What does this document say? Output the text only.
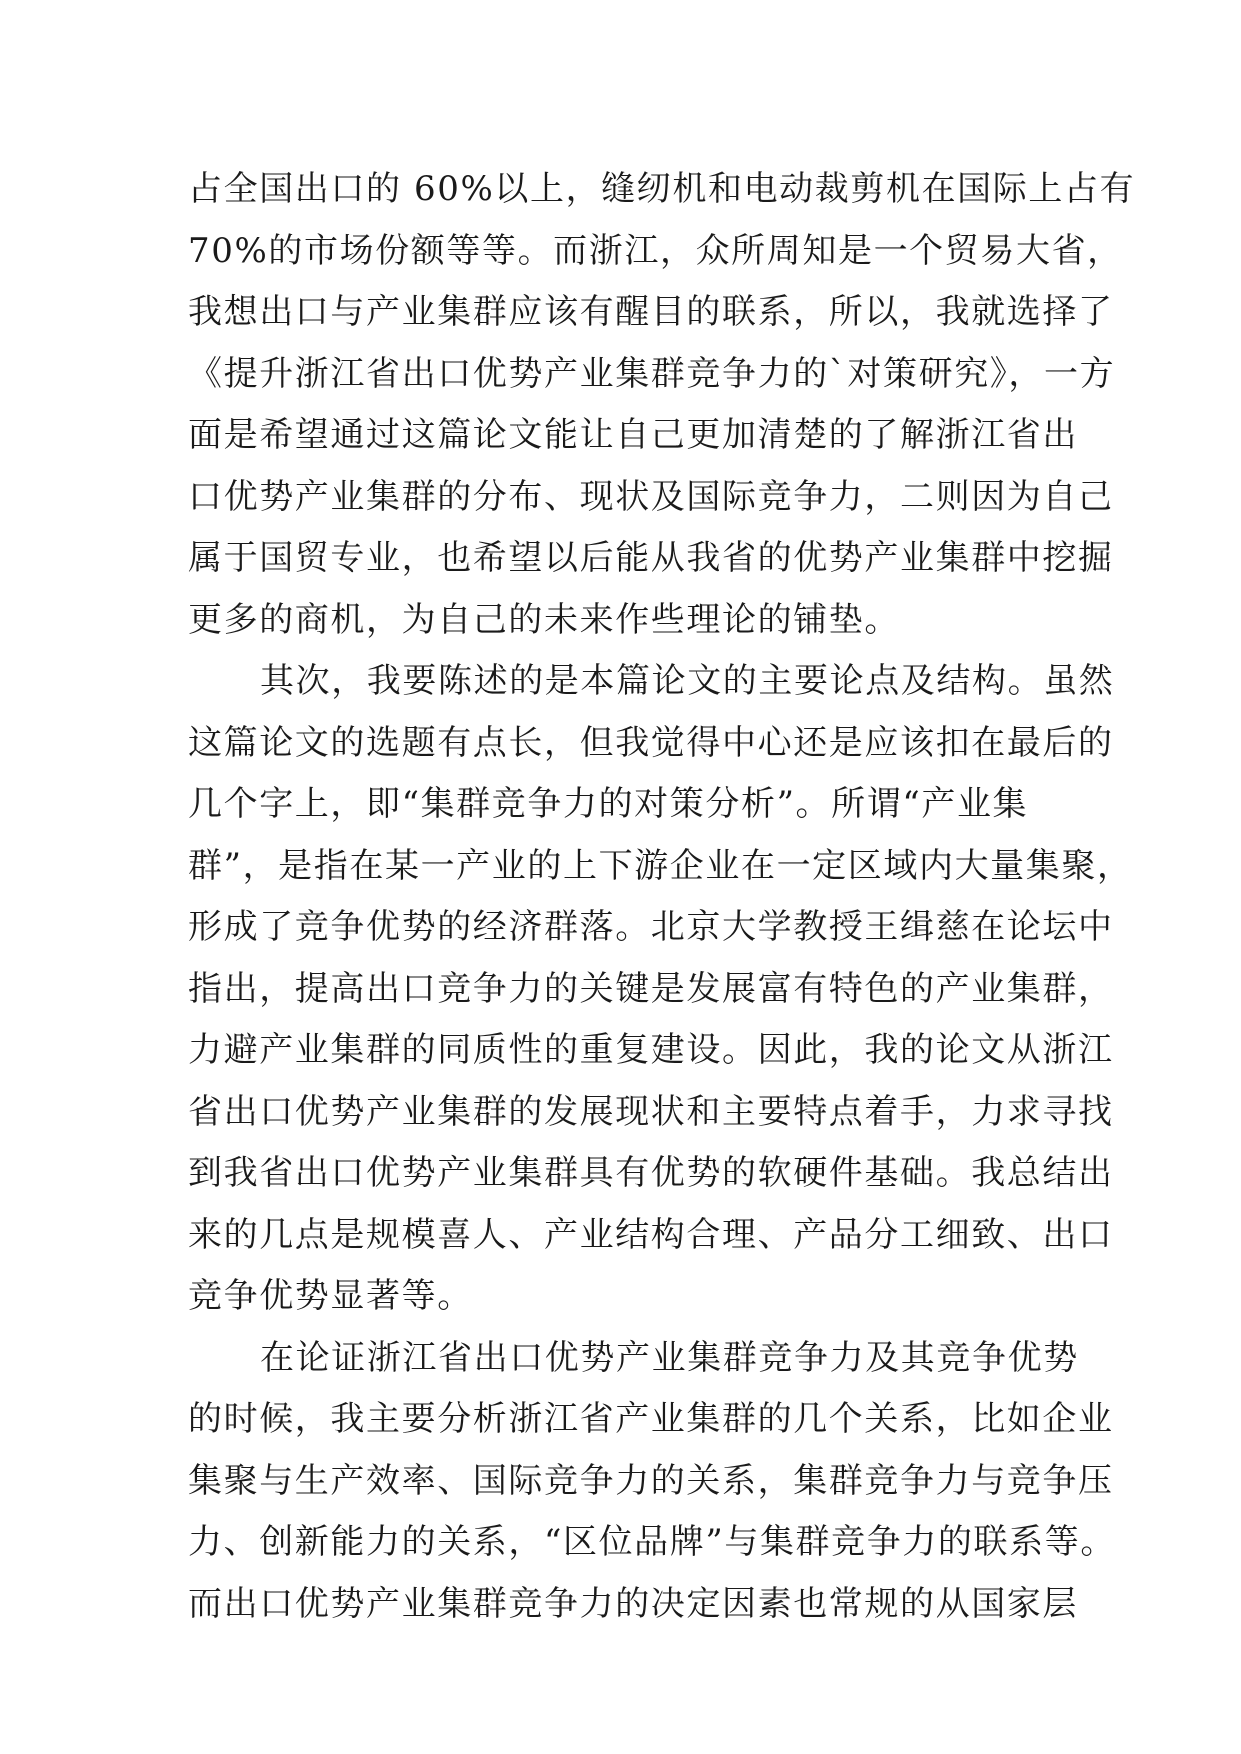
占全国出口的 60%以上，缝纫机和电动裁剪机在国际上占有
70%的市场份额等等。而浙江，众所周知是一个贸易大省，
我想出口与产业集群应该有醒目的联系，所以，我就选择了
《提升浙江省出口优势产业集群竞争力的`对策研究》，一方
面是希望通过这篇论文能让自己更加清楚的了解浙江省出
口优势产业集群的分布、现状及国际竞争力，二则因为自己
属于国贸专业，也希望以后能从我省的优势产业集群中挖掘
更多的商机，为自己的未来作些理论的铺垫。
其次，我要陈述的是本篇论文的主要论点及结构。虽然
这篇论文的选题有点长，但我觉得中心还是应该扣在最后的
几个字上，即“集群竞争力的对策分析”。所谓“产业集
群”，是指在某一产业的上下游企业在一定区域内大量集聚，
形成了竞争优势的经济群落。北京大学教授王缉慈在论坛中
指出，提高出口竞争力的关键是发展富有特色的产业集群，
力避产业集群的同质性的重复建设。因此，我的论文从浙江
省出口优势产业集群的发展现状和主要特点着手，力求寻找
到我省出口优势产业集群具有优势的软硬件基础。我总结出
来的几点是规模喜人、产业结构合理、产品分工细致、出口
竞争优势显著等。
在论证浙江省出口优势产业集群竞争力及其竞争优势
的时候，我主要分析浙江省产业集群的几个关系，比如企业
集聚与生产效率、国际竞争力的关系，集群竞争力与竞争压
力、创新能力的关系，“区位品牌”与集群竞争力的联系等。
而出口优势产业集群竞争力的决定因素也常规的从国家层
